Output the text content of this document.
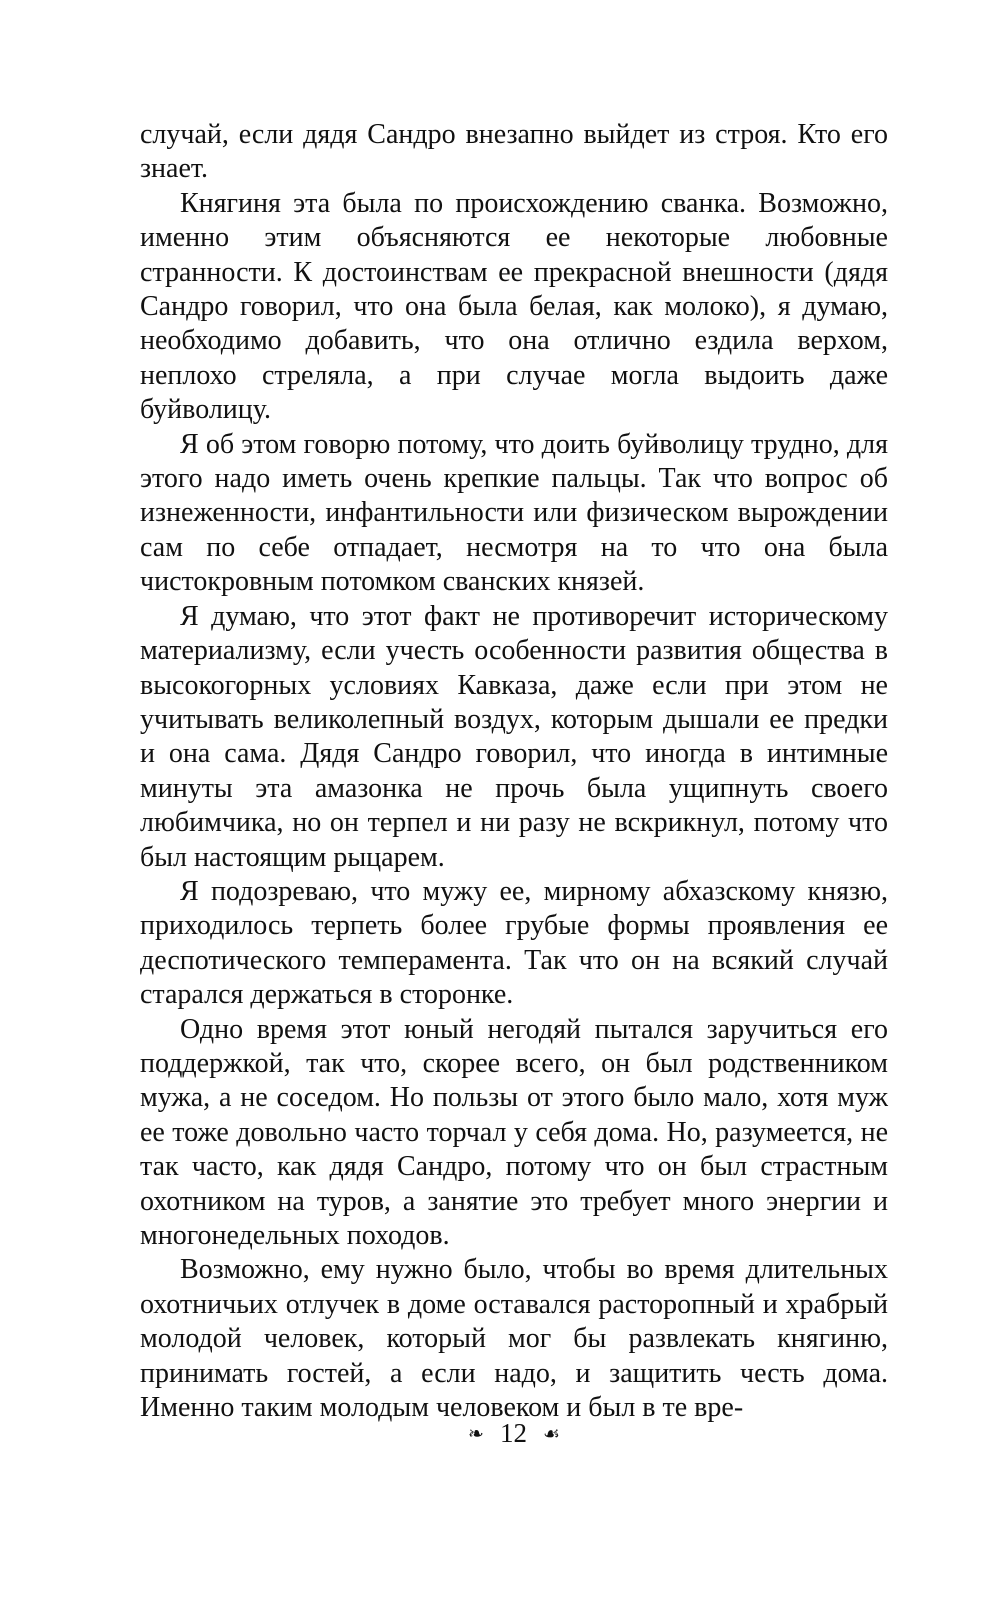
случай, если дядя Сандро внезапно выйдет из строя. Кто его знает.

Княгиня эта была по происхождению сванка. Возможно, именно этим объясняются ее некоторые любовные странности. К достоинствам ее прекрасной внешности (дядя Сандро говорил, что она была белая, как молоко), я думаю, необходимо добавить, что она отлично ездила верхом, неплохо стреляла, а при случае могла выдоить даже буйволицу.

Я об этом говорю потому, что доить буйволицу трудно, для этого надо иметь очень крепкие пальцы. Так что вопрос об изнеженности, инфантильности или физическом вырождении сам по себе отпадает, несмотря на то что она была чистокровным потомком сванских князей.

Я думаю, что этот факт не противоречит историческому материализму, если учесть особенности развития общества в высокогорных условиях Кавказа, даже если при этом не учитывать великолепный воздух, которым дышали ее предки и она сама. Дядя Сандро говорил, что иногда в интимные минуты эта амазонка не прочь была ущипнуть своего любимчика, но он терпел и ни разу не вскрикнул, потому что был настоящим рыцарем.

Я подозреваю, что мужу ее, мирному абхазскому князю, приходилось терпеть более грубые формы проявления ее деспотического темперамента. Так что он на всякий случай старался держаться в сторонке.

Одно время этот юный негодяй пытался заручиться его поддержкой, так что, скорее всего, он был родственником мужа, а не соседом. Но пользы от этого было мало, хотя муж ее тоже довольно часто торчал у себя дома. Но, разумеется, не так часто, как дядя Сандро, потому что он был страстным охотником на туров, а занятие это требует много энергии и многонедельных походов.

Возможно, ему нужно было, чтобы во время длительных охотничьих отлучек в доме оставался расторопный и храбрый молодой человек, который мог бы развлекать княгиню, принимать гостей, а если надо, и защитить честь дома. Именно таким молодым человеком и был в те вре-

❧ 12 ☙
